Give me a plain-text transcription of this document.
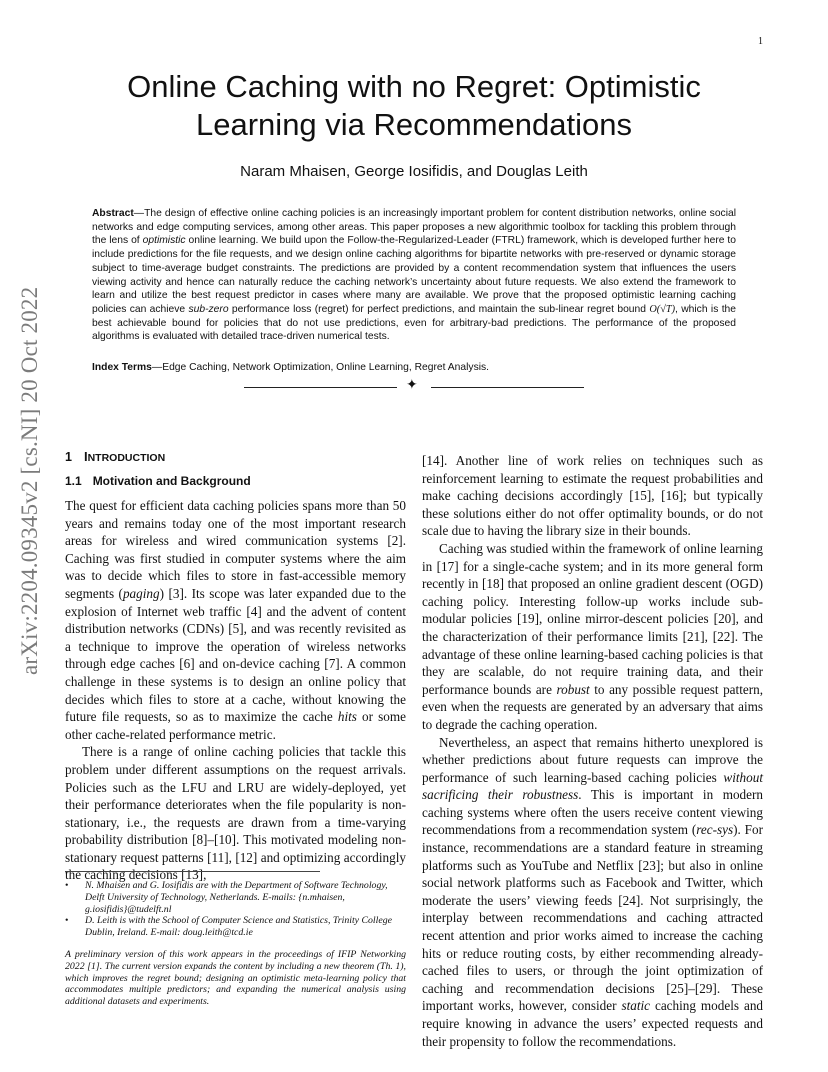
1
arXiv:2204.09345v2 [cs.NI] 20 Oct 2022
Online Caching with no Regret: Optimistic
Learning via Recommendations
Naram Mhaisen, George Iosifidis, and Douglas Leith
Abstract—The design of effective online caching policies is an increasingly important problem for content distribution networks, online social networks and edge computing services, among other areas. This paper proposes a new algorithmic toolbox for tackling this problem through the lens of optimistic online learning. We build upon the Follow-the-Regularized-Leader (FTRL) framework, which is developed further here to include predictions for the file requests, and we design online caching algorithms for bipartite networks with pre-reserved or dynamic storage subject to time-average budget constraints. The predictions are provided by a content recommendation system that influences the users viewing activity and hence can naturally reduce the caching network’s uncertainty about future requests. We also extend the framework to learn and utilize the best request predictor in cases where many are available. We prove that the proposed optimistic learning caching policies can achieve sub-zero performance loss (regret) for perfect predictions, and maintain the sub-linear regret bound O(√T), which is the best achievable bound for policies that do not use predictions, even for arbitrary-bad predictions. The performance of the proposed algorithms is evaluated with detailed trace-driven numerical tests.
Index Terms—Edge Caching, Network Optimization, Online Learning, Regret Analysis.
✦
1 INTRODUCTION
1.1 Motivation and Background

The quest for efficient data caching policies spans more than 50 years and remains today one of the most important research areas for wireless and wired communication systems [2]. Caching was first studied in computer systems where the aim was to decide which files to store in fast-accessible memory segments (paging) [3]. Its scope was later expanded due to the explosion of Internet web traffic [4] and the advent of content distribution networks (CDNs) [5], and was recently revisited as a technique to improve the operation of wireless networks through edge caches [6] and on-device caching [7]. A common challenge in these systems is to design an online policy that decides which files to store at a cache, without knowing the future file requests, so as to maximize the cache hits or some other cache-related performance metric.

There is a range of online caching policies that tackle this problem under different assumptions on the request arrivals. Policies such as the LFU and LRU are widely-deployed, yet their performance deteriorates when the file popularity is non-stationary, i.e., the requests are drawn from a time-varying probability distribution [8]–[10]. This motivated modeling non-stationary request patterns [11], [12] and optimizing accordingly the caching decisions [13],

• N. Mhaisen and G. Iosifidis are with the Department of Software Technology, Delft University of Technology, Netherlands. E-mails: {n.mhaisen, g.iosifidis}@tudelft.nl
• D. Leith is with the School of Computer Science and Statistics, Trinity College Dublin, Ireland. E-mail: doug.leith@tcd.ie
A preliminary version of this work appears in the proceedings of IFIP Networking 2022 [1]. The current version expands the content by including a new theorem (Th. 1), which improves the regret bound; designing an optimistic meta-learning policy that accommodates multiple predictors; and expanding the numerical analysis using additional datasets and experiments.

[14]. Another line of work relies on techniques such as reinforcement learning to estimate the request probabilities and make caching decisions accordingly [15], [16]; but typically these solutions either do not offer optimality bounds, or do not scale due to having the library size in their bounds.

Caching was studied within the framework of online learning in [17] for a single-cache system; and in its more general form recently in [18] that proposed an online gradient descent (OGD) caching policy. Interesting follow-up works include sub-modular policies [19], online mirror-descent policies [20], and the characterization of their performance limits [21], [22]. The advantage of these online learning-based caching policies is that they are scalable, do not require training data, and their performance bounds are robust to any possible request pattern, even when the requests are generated by an adversary that aims to degrade the caching operation.

Nevertheless, an aspect that remains hitherto unexplored is whether predictions about future requests can improve the performance of such learning-based caching policies without sacrificing their robustness. This is important in modern caching systems where often the users receive content viewing recommendations from a recommendation system (rec-sys). For instance, recommendations are a standard feature in streaming platforms such as YouTube and Netflix [23]; but also in online social network platforms such as Facebook and Twitter, which moderate the users’ viewing feeds [24]. Not surprisingly, the interplay between recommendations and caching attracted recent attention and prior works aimed to increase the caching hits or reduce routing costs, by either recommending already-cached files to users, or through the joint optimization of caching and recommendation decisions [25]–[29]. These important works, however, consider static caching models and require knowing in advance the users’ expected requests and their propensity to follow the recommendations.
